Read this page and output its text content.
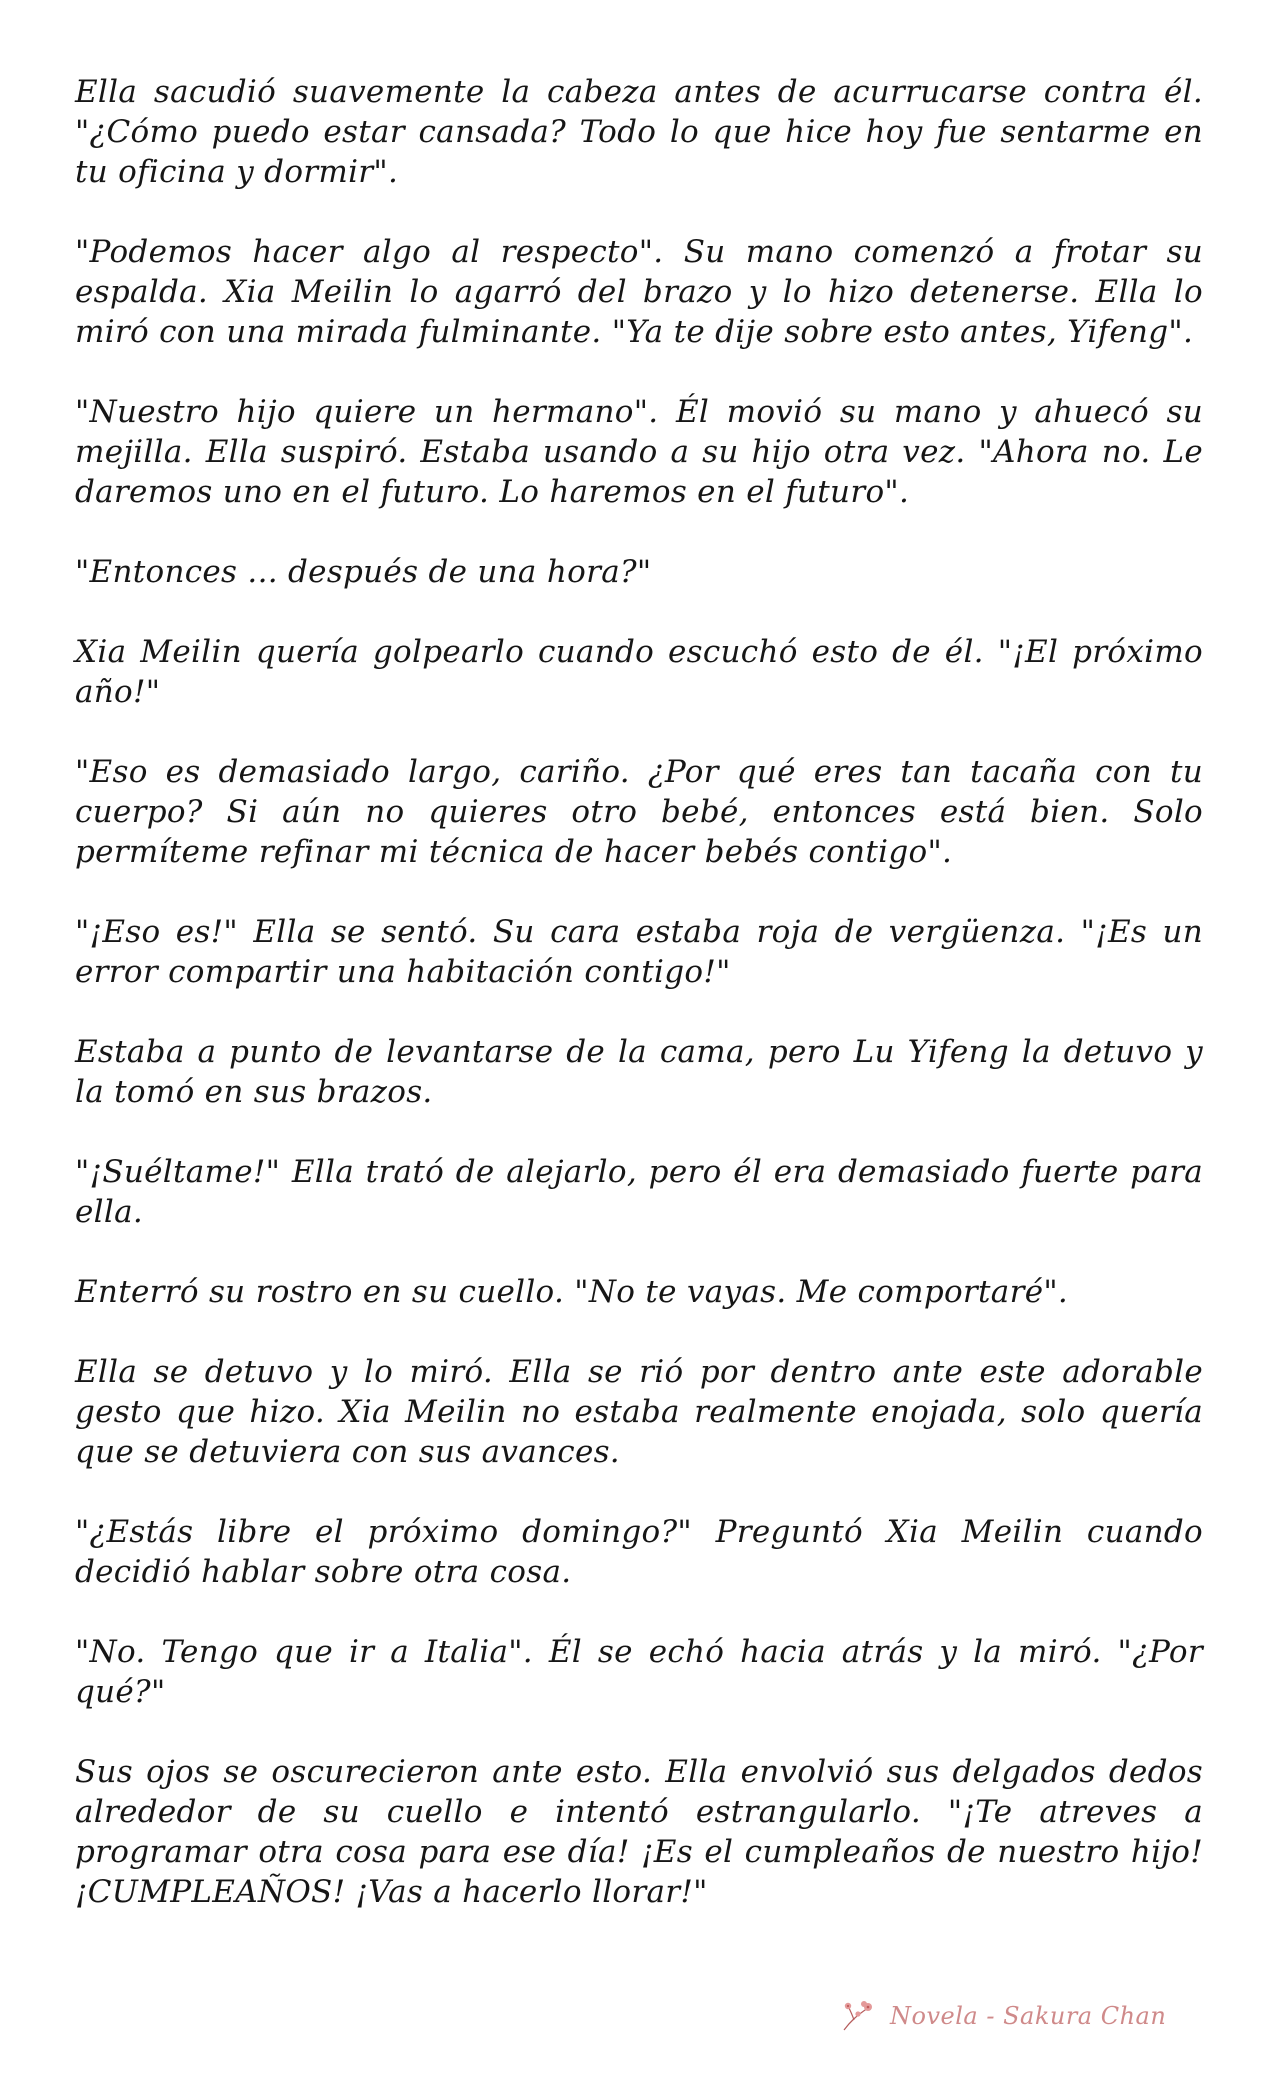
Ella sacudió suavemente la cabeza antes de acurrucarse contra él. "¿Cómo puedo estar cansada? Todo lo que hice hoy fue sentarme en tu oficina y dormir".

"Podemos hacer algo al respecto". Su mano comenzó a frotar su espalda. Xia Meilin lo agarró del brazo y lo hizo detenerse. Ella lo miró con una mirada fulminante. "Ya te dije sobre esto antes, Yifeng".

"Nuestro hijo quiere un hermano". Él movió su mano y ahuecó su mejilla. Ella suspiró. Estaba usando a su hijo otra vez. "Ahora no. Le daremos uno en el futuro. Lo haremos en el futuro".

"Entonces ... después de una hora?"

Xia Meilin quería golpearlo cuando escuchó esto de él. "¡El próximo año!"

"Eso es demasiado largo, cariño. ¿Por qué eres tan tacaña con tu cuerpo? Si aún no quieres otro bebé, entonces está bien. Solo permíteme refinar mi técnica de hacer bebés contigo".

"¡Eso es!" Ella se sentó. Su cara estaba roja de vergüenza. "¡Es un error compartir una habitación contigo!"

Estaba a punto de levantarse de la cama, pero Lu Yifeng la detuvo y la tomó en sus brazos.

"¡Suéltame!" Ella trató de alejarlo, pero él era demasiado fuerte para ella.

Enterró su rostro en su cuello. "No te vayas. Me comportaré".

Ella se detuvo y lo miró. Ella se rió por dentro ante este adorable gesto que hizo. Xia Meilin no estaba realmente enojada, solo quería que se detuviera con sus avances.

"¿Estás libre el próximo domingo?" Preguntó Xia Meilin cuando decidió hablar sobre otra cosa.

"No. Tengo que ir a Italia". Él se echó hacia atrás y la miró. "¿Por qué?"

Sus ojos se oscurecieron ante esto. Ella envolvió sus delgados dedos alrededor de su cuello e intentó estrangularlo. "¡Te atreves a programar otra cosa para ese día! ¡Es el cumpleaños de nuestro hijo! ¡CUMPLEAÑOS! ¡Vas a hacerlo llorar!"

Novela - Sakura Chan
